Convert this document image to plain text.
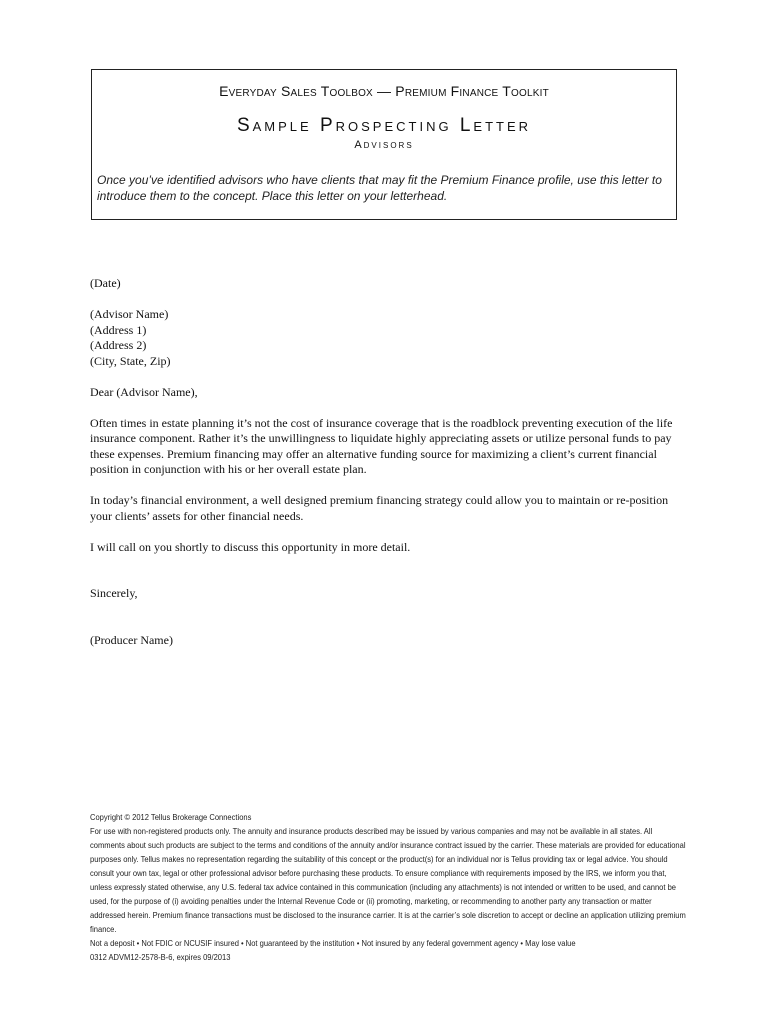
Everyday Sales Toolbox — Premium Finance Toolkit
Sample Prospecting Letter
Advisors
Once you’ve identified advisors who have clients that may fit the Premium Finance profile, use this letter to introduce them to the concept. Place this letter on your letterhead.

(Date)

(Advisor Name)

(Address 1)

(Address 2)

(City, State, Zip)

Dear (Advisor Name),

Often times in estate planning it’s not the cost of insurance coverage that is the roadblock preventing execution of the life insurance component. Rather it’s the unwillingness to liquidate highly appreciating assets or utilize personal funds to pay these expenses. Premium financing may offer an alternative funding source for maximizing a client’s current financial position in conjunction with his or her overall estate plan.

In today’s financial environment, a well designed premium financing strategy could allow you to maintain or re-position your clients’ assets for other financial needs.

I will call on you shortly to discuss this opportunity in more detail.

Sincerely,

(Producer Name)

Copyright © 2012 Tellus Brokerage Connections

For use with non-registered products only. The annuity and insurance products described may be issued by various companies and may not be available in all states. All comments about such products are subject to the terms and conditions of the annuity and/or insurance contract issued by the carrier. These materials are provided for educational purposes only. Tellus makes no representation regarding the suitability of this concept or the product(s) for an individual nor is Tellus providing tax or legal advice. You should consult your own tax, legal or other professional advisor before purchasing these products. To ensure compliance with requirements imposed by the IRS, we inform you that, unless expressly stated otherwise, any U.S. federal tax advice contained in this communication (including any attachments) is not intended or written to be used, and cannot be used, for the purpose of (i) avoiding penalties under the Internal Revenue Code or (ii) promoting, marketing, or recommending to another party any transaction or matter addressed herein. Premium finance transactions must be disclosed to the insurance carrier. It is at the carrier’s sole discretion to accept or decline an application utilizing premium finance.

Not a deposit • Not FDIC or NCUSIF insured • Not guaranteed by the institution • Not insured by any federal government agency • May lose value

0312 ADVM12-2578-B-6, expires 09/2013
